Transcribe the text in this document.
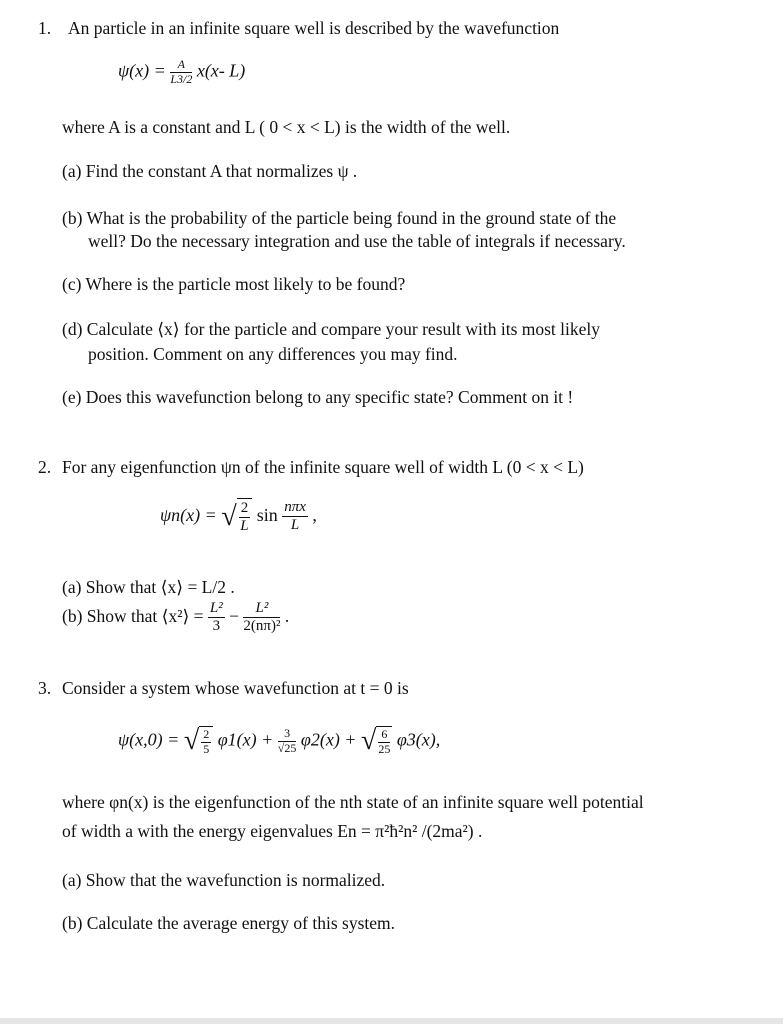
1. An particle in an infinite square well is described by the wavefunction
$\psi(x) = \frac{A}{L3/2} x(x-$ L)
where A is a constant and L ( 0 < x < L) is the width of the well.
(a) Find the constant A that normalizes ψ .
(b) What is the probability of the particle being found in the ground state of the
well? Do the necessary integration and use the table of integrals if necessary.
(c) Where is the particle most likely to be found?
(d) Calculate ⟨x⟩ for the particle and compare your result with its most likely
position. Comment on any differences you may find.
(e) Does this wavefunction belong to any specific state? Comment on it !
2. For any eigenfunction ψn of the infinite square well of width L (0 < x < L)
ψn(x) = √ $\frac{2}{L}$ $\sin \frac{\text{nπx}}{L}$ ,
(a) Show that ⟨x⟩ = L/2 .
(b) Show that ⟨x²⟩ = $\frac{\text{L²}}{3} - \frac{\text{L²}}{\text{2(nπ)²}}$ .
3. Consider a system whose wavefunction at t = 0 is
ψ(x,0) = √ $\frac{2}{5} \varphi 1(x) + \frac{3}{√25} \varphi 2(x)$ + √ $\frac{6}{25} \varphi 3(x)$,
where φn(x) is the eigenfunction of the nth state of an infinite square well potential
of width a with the energy eigenvalues En = π²ħ²n² /(2ma²) .
(a) Show that the wavefunction is normalized.
(b) Calculate the average energy of this system.
